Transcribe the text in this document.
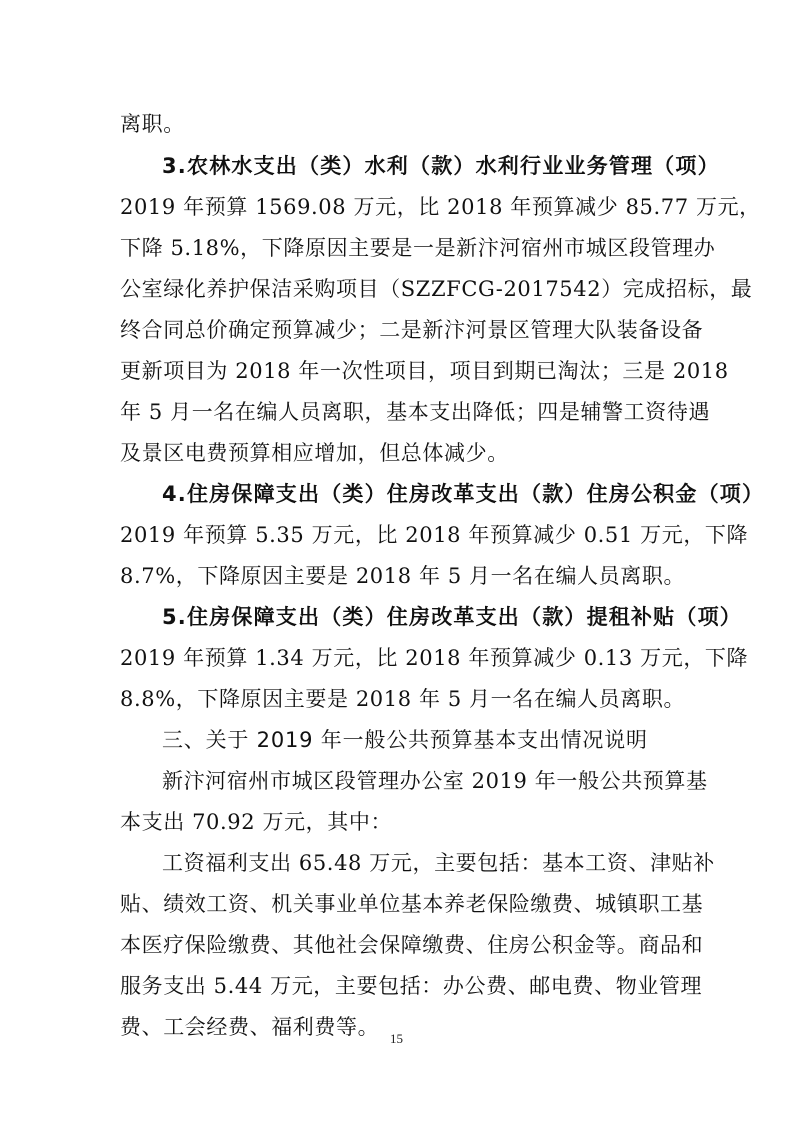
离职。
3.农林水支出（类）水利（款）水利行业业务管理（项）
2019 年预算 1569.08 万元，比 2018 年预算减少 85.77 万元，
下降 5.18%，下降原因主要是一是新汴河宿州市城区段管理办
公室绿化养护保洁采购项目（SZZFCG-2017542）完成招标，最
终合同总价确定预算减少；二是新汴河景区管理大队装备设备
更新项目为 2018 年一次性项目，项目到期已淘汰；三是 2018
年 5 月一名在编人员离职，基本支出降低；四是辅警工资待遇
及景区电费预算相应增加，但总体减少。
4.住房保障支出（类）住房改革支出（款）住房公积金（项）
2019 年预算 5.35 万元，比 2018 年预算减少 0.51 万元，下降
8.7%，下降原因主要是 2018 年 5 月一名在编人员离职。
5.住房保障支出（类）住房改革支出（款）提租补贴（项）
2019 年预算 1.34 万元，比 2018 年预算减少 0.13 万元，下降
8.8%，下降原因主要是 2018 年 5 月一名在编人员离职。
三、关于 2019 年一般公共预算基本支出情况说明
新汴河宿州市城区段管理办公室 2019 年一般公共预算基
本支出 70.92 万元，其中：
工资福利支出 65.48 万元，主要包括：基本工资、津贴补
贴、绩效工资、机关事业单位基本养老保险缴费、城镇职工基
本医疗保险缴费、其他社会保障缴费、住房公积金等。商品和
服务支出 5.44 万元，主要包括：办公费、邮电费、物业管理
费、工会经费、福利费等。 15
